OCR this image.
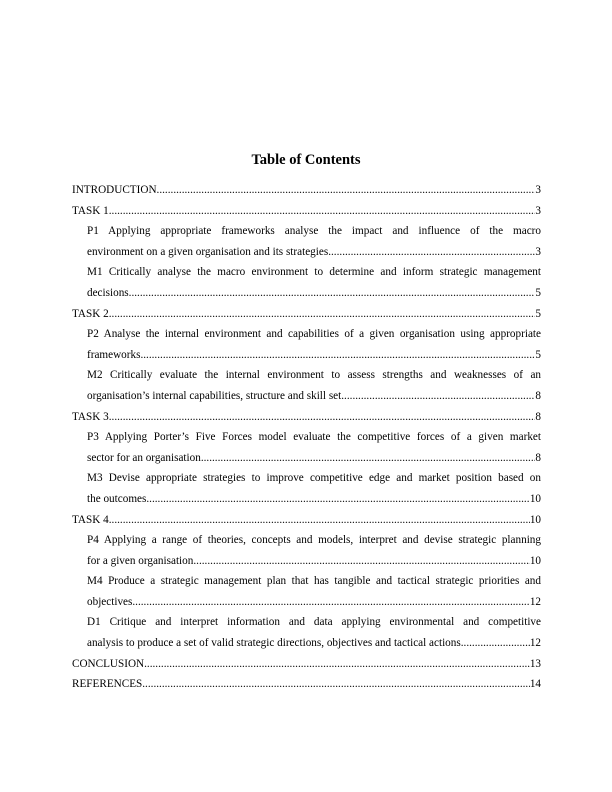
Table of Contents
INTRODUCTION .....	3
TASK 1 .....	3
P1 Applying appropriate frameworks analyse the impact and influence of the macro
environment on a given organisation and its strategies .....	3
M1 Critically analyse the macro environment to determine and inform strategic management
decisions .....	5
TASK 2 .....	5
P2 Analyse the internal environment and capabilities of a given organisation using appropriate
frameworks .....	5
M2 Critically evaluate the internal environment to assess strengths and weaknesses of an
organisation’s internal capabilities, structure and skill set .....	8
TASK 3 .....	8
P3 Applying Porter’s Five Forces model evaluate the competitive forces of a given market
sector for an organisation .....	8
M3 Devise appropriate strategies to improve competitive edge and market position based on
the outcomes .....	10
TASK 4 .....	10
P4 Applying a range of theories, concepts and models, interpret and devise strategic planning
for a given organisation .....	10
M4 Produce a strategic management plan that has tangible and tactical strategic priorities and
objectives .....	12
D1 Critique and interpret information and data applying environmental and competitive
analysis to produce a set of valid strategic directions, objectives and tactical actions .....	12
CONCLUSION .....	13
REFERENCES .....	14
